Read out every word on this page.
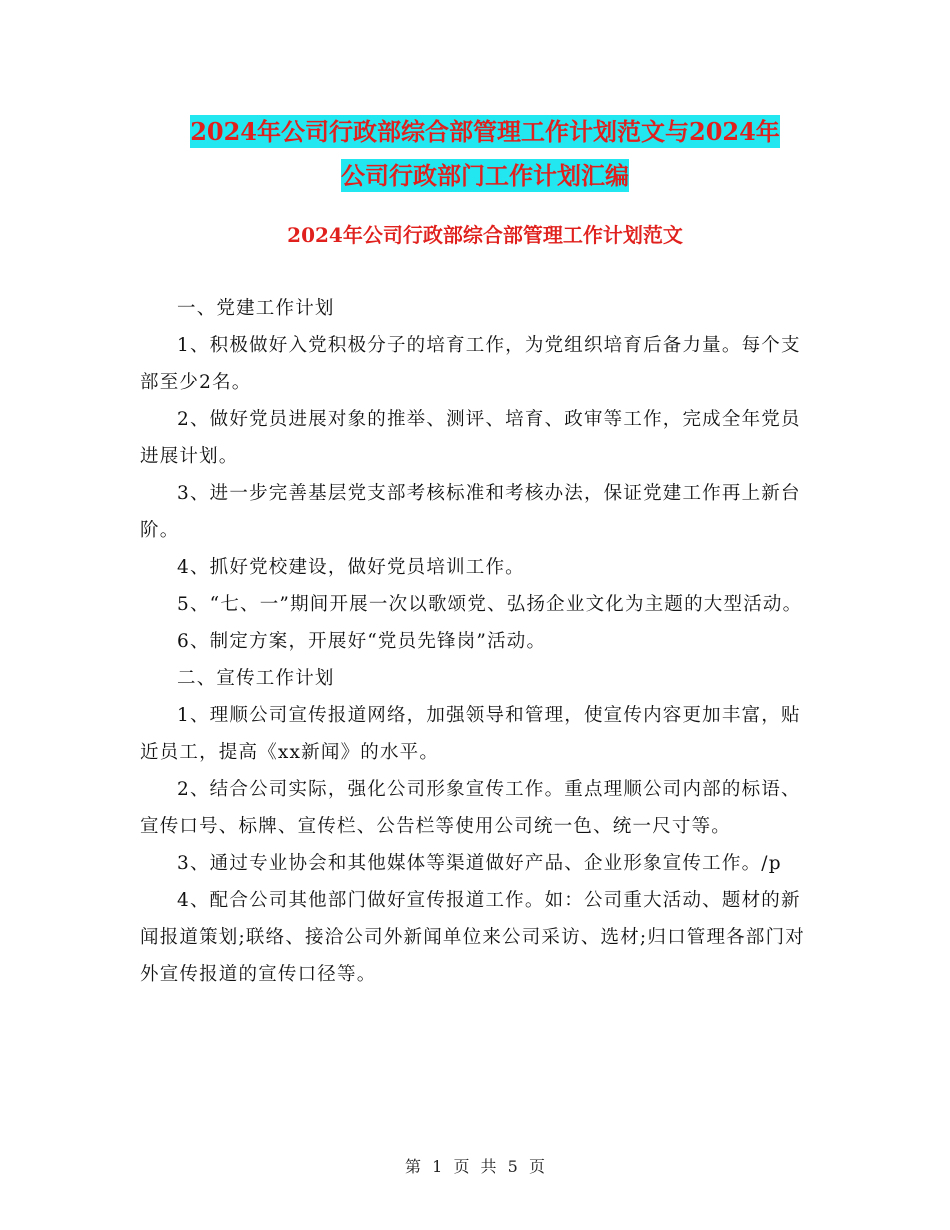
2024年公司行政部综合部管理工作计划范文与2024年
公司行政部门工作计划汇编
2024年公司行政部综合部管理工作计划范文

一、党建工作计划

1、积极做好入党积极分子的培育工作，为党组织培育后备力量。每个支部至少2名。

2、做好党员进展对象的推举、测评、培育、政审等工作，完成全年党员进展计划。

3、进一步完善基层党支部考核标准和考核办法，保证党建工作再上新台阶。

4、抓好党校建设，做好党员培训工作。

5、“七、一”期间开展一次以歌颂党、弘扬企业文化为主题的大型活动。

6、制定方案，开展好“党员先锋岗”活动。

二、宣传工作计划

1、理顺公司宣传报道网络，加强领导和管理，使宣传内容更加丰富，贴近员工，提高《xx新闻》的水平。

2、结合公司实际，强化公司形象宣传工作。重点理顺公司内部的标语、宣传口号、标牌、宣传栏、公告栏等使用公司统一色、统一尺寸等。

3、通过专业协会和其他媒体等渠道做好产品、企业形象宣传工作。/p

4、配合公司其他部门做好宣传报道工作。如：公司重大活动、题材的新闻报道策划;联络、接洽公司外新闻单位来公司采访、选材;归口管理各部门对外宣传报道的宣传口径等。

第 1 页 共 5 页
